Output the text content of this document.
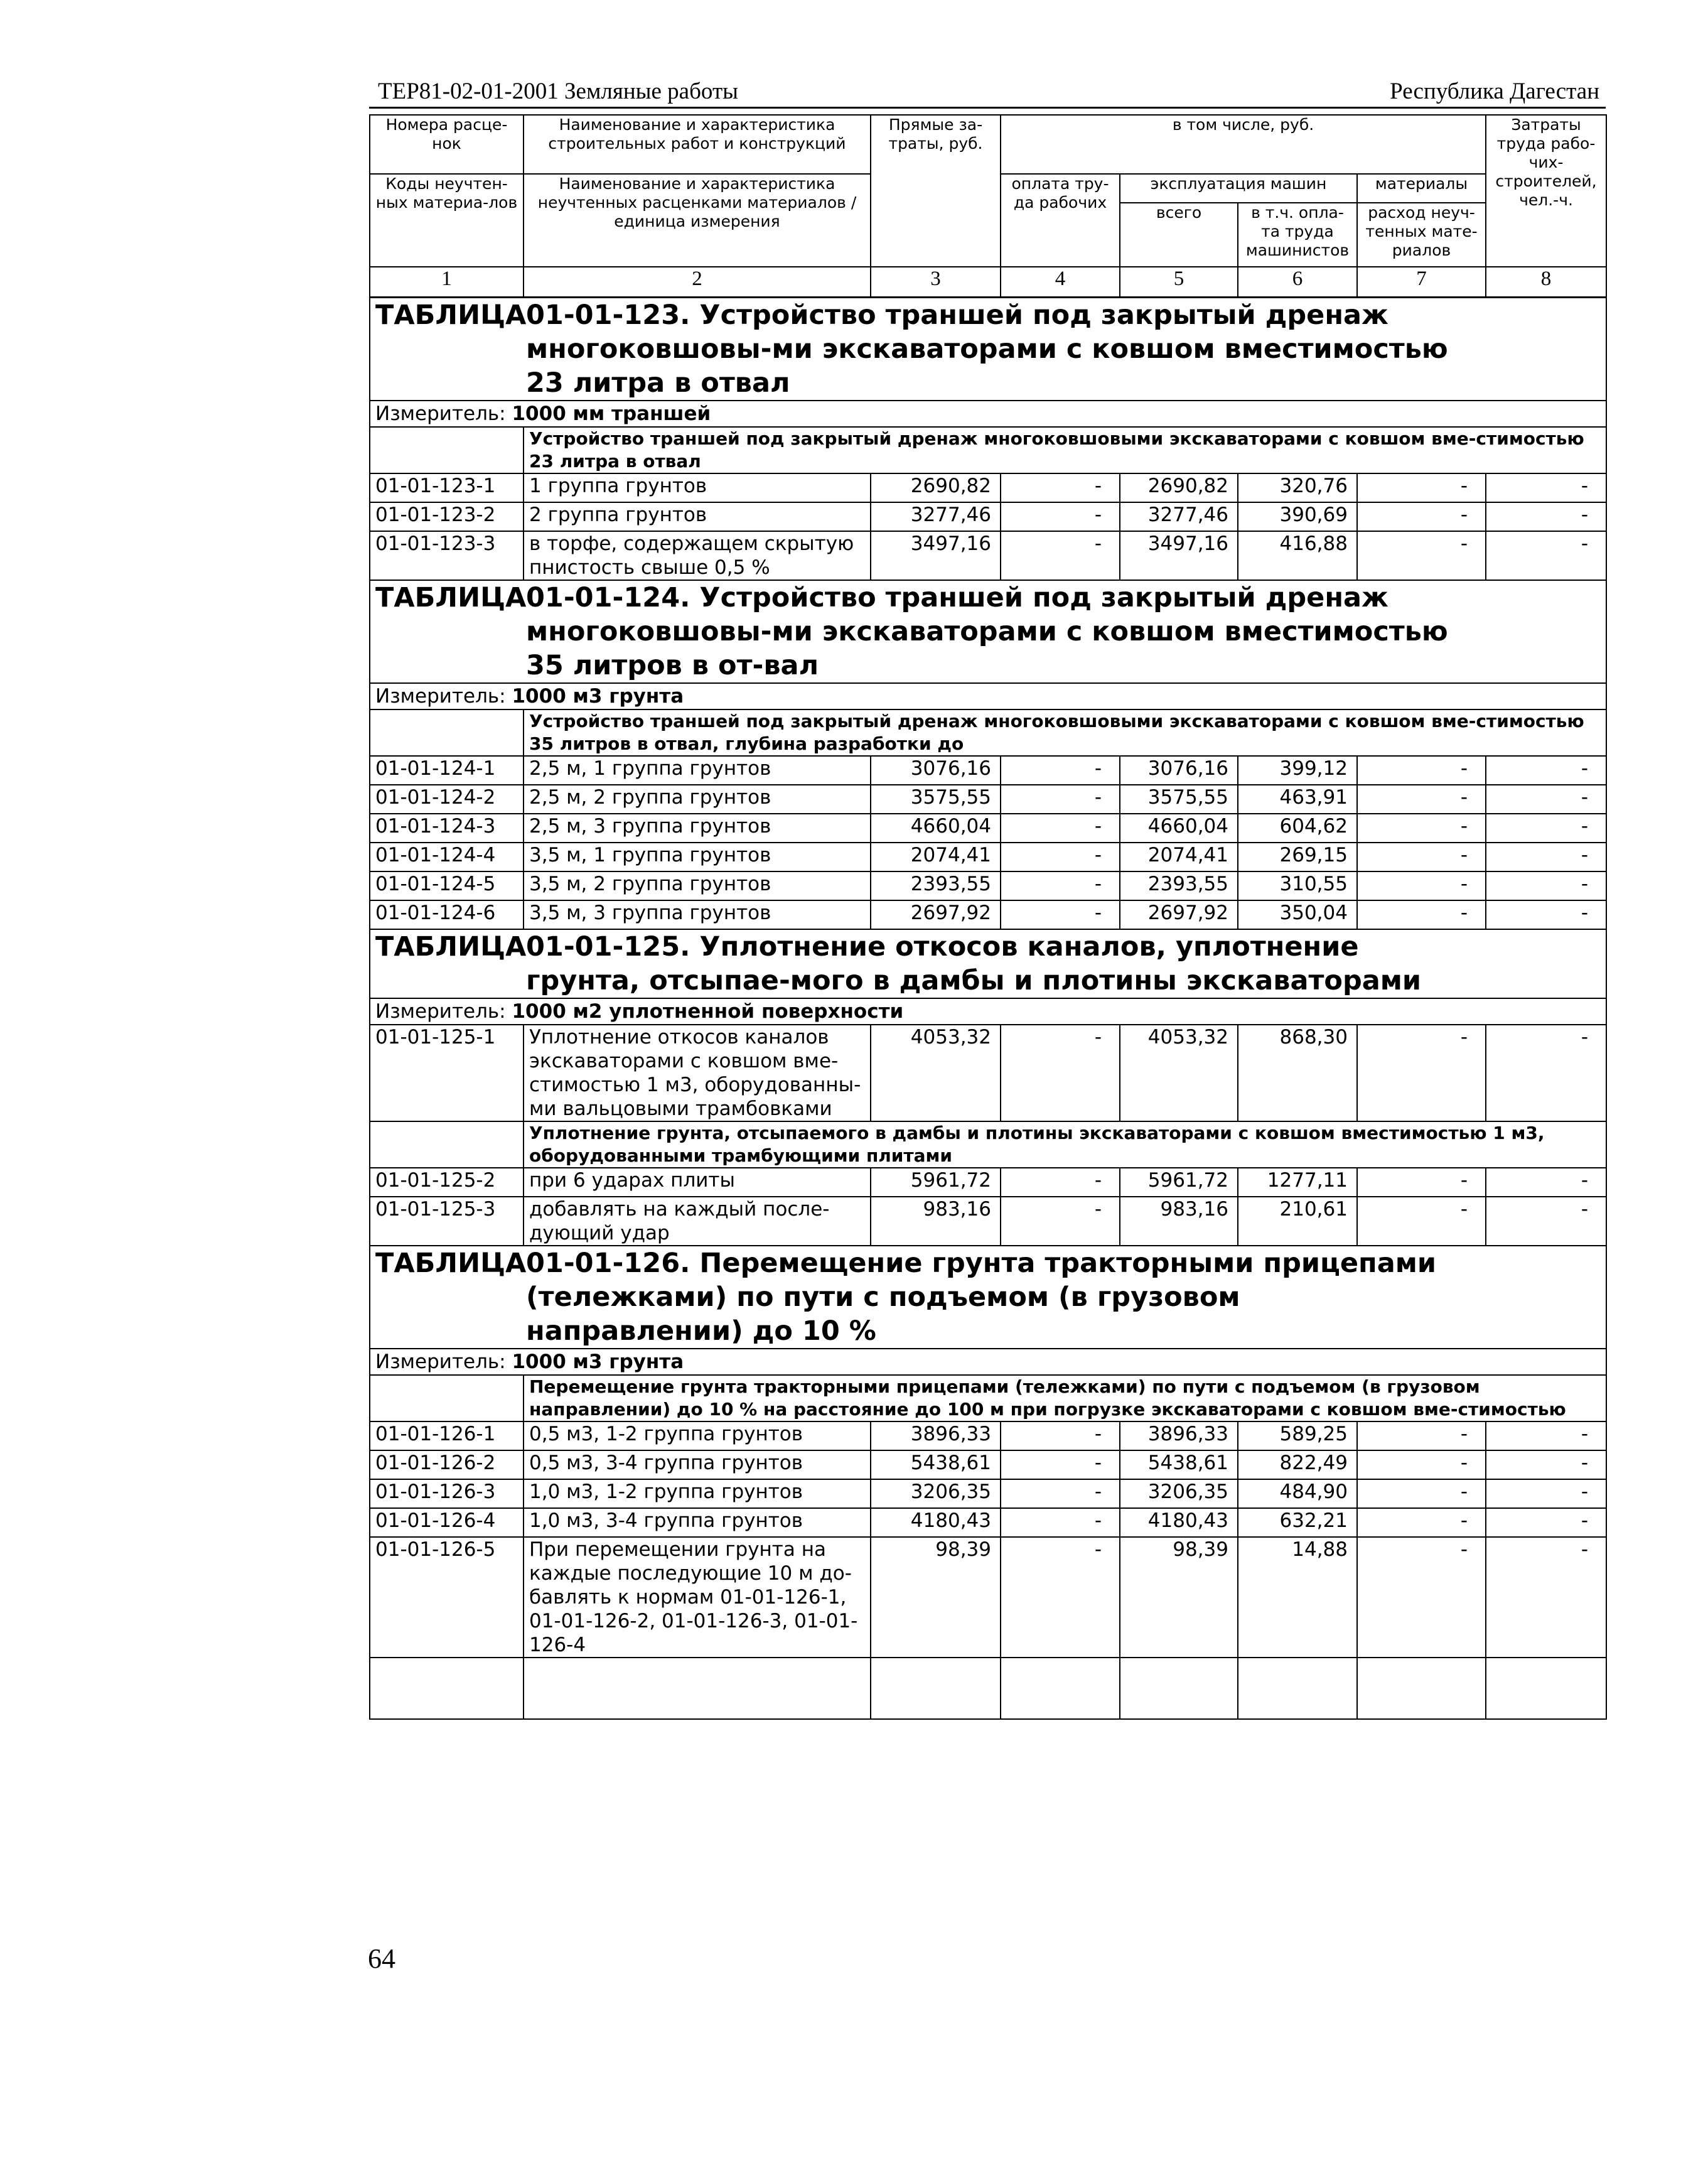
ТЕР81-02-01-2001 Земляные работы	Республика Дагестан
Номера расце-нок	Наименование и характеристика строительных работ и конструкций	Прямые за-траты, руб.	в том числе, руб.				Затраты труда рабо-чих-строителей, чел.-ч.
Коды неучтен-ных материа-лов	Наименование и характеристика неучтенных расценками материалов / единица измерения		оплата тру-да рабочих	эксплуатация машин		материалы	
				всего	в т.ч. опла-та труда машинистов	расход неуч-тенных мате-риалов	
1	2	3	4	5	6	7	8
ТАБЛИЦА01-01-123. Устройство траншей под закрытый дренаж многоковшовы-ми экскаваторами с ковшом вместимостью 23 литра в отвал							
Измеритель: 1000 мм траншей							
	Устройство траншей под закрытый дренаж многоковшовыми экскаваторами с ковшом вме-стимостью 23 литра в отвал						
01-01-123-1	1 группа грунтов	2690,82	-	2690,82	320,76	-	-
01-01-123-2	2 группа грунтов	3277,46	-	3277,46	390,69	-	-
01-01-123-3	в торфе, содержащем скрытую пнистость свыше 0,5 %	3497,16	-	3497,16	416,88	-	-
ТАБЛИЦА01-01-124. Устройство траншей под закрытый дренаж многоковшовы-ми экскаваторами с ковшом вместимостью 35 литров в от-вал							
Измеритель: 1000 м3 грунта							
	Устройство траншей под закрытый дренаж многоковшовыми экскаваторами с ковшом вме-стимостью 35 литров в отвал, глубина разработки до						
01-01-124-1	2,5 м, 1 группа грунтов	3076,16	-	3076,16	399,12	-	-
01-01-124-2	2,5 м, 2 группа грунтов	3575,55	-	3575,55	463,91	-	-
01-01-124-3	2,5 м, 3 группа грунтов	4660,04	-	4660,04	604,62	-	-
01-01-124-4	3,5 м, 1 группа грунтов	2074,41	-	2074,41	269,15	-	-
01-01-124-5	3,5 м, 2 группа грунтов	2393,55	-	2393,55	310,55	-	-
01-01-124-6	3,5 м, 3 группа грунтов	2697,92	-	2697,92	350,04	-	-
ТАБЛИЦА01-01-125. Уплотнение откосов каналов, уплотнение грунта, отсыпае-мого в дамбы и плотины экскаваторами							
Измеритель: 1000 м2 уплотненной поверхности							
01-01-125-1	Уплотнение откосов каналов экскаваторами с ковшом вме-стимостью 1 м3, оборудованны-ми вальцовыми трамбовками	4053,32	-	4053,32	868,30	-	-
	Уплотнение грунта, отсыпаемого в дамбы и плотины экскаваторами с ковшом вместимостью 1 м3, оборудованными трамбующими плитами						
01-01-125-2	при 6 ударах плиты	5961,72	-	5961,72	1277,11	-	-
01-01-125-3	добавлять на каждый после-дующий удар	983,16	-	983,16	210,61	-	-
ТАБЛИЦА01-01-126. Перемещение грунта тракторными прицепами (тележками) по пути с подъемом (в грузовом направлении) до 10 %							
Измеритель: 1000 м3 грунта							
	Перемещение грунта тракторными прицепами (тележками) по пути с подъемом (в грузовом направлении) до 10 % на расстояние до 100 м при погрузке экскаваторами с ковшом вме-стимостью						
01-01-126-1	0,5 м3, 1-2 группа грунтов	3896,33	-	3896,33	589,25	-	-
01-01-126-2	0,5 м3, 3-4 группа грунтов	5438,61	-	5438,61	822,49	-	-
01-01-126-3	1,0 м3, 1-2 группа грунтов	3206,35	-	3206,35	484,90	-	-
01-01-126-4	1,0 м3, 3-4 группа грунтов	4180,43	-	4180,43	632,21	-	-
01-01-126-5	При перемещении грунта на каждые последующие 10 м до-бавлять к нормам 01-01-126-1, 01-01-126-2, 01-01-126-3, 01-01-126-4	98,39	-	98,39	14,88	-	-

64
